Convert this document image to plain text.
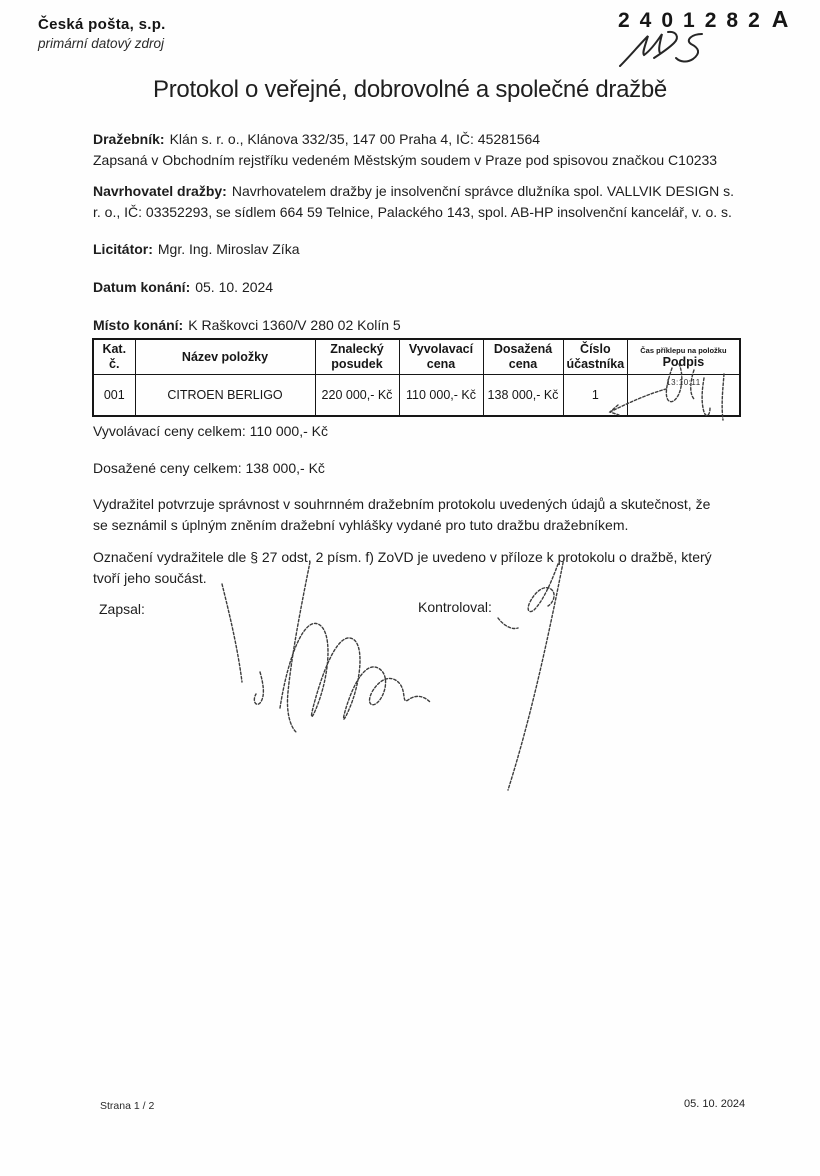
Česká pošta, s.p.
primární datový zdroj
2401282A
Protokol o veřejné, dobrovolné a společné dražbě
Dražebník: Klán s. r. o., Klánova 332/35, 147 00 Praha 4, IČ: 45281564
Zapsaná v Obchodním rejstříku vedeném Městským soudem v Praze pod spisovou značkou C10233
Navrhovatel dražby: Navrhovatelem dražby je insolvenční správce dlužníka spol. VALLVIK DESIGN s.
r. o., IČ: 03352293, se sídlem 664 59 Telnice, Palackého 143, spol. AB-HP insolvenční kancelář, v. o. s.
Licitátor: Mgr. Ing. Miroslav Zíka
Datum konání: 05. 10. 2024
Místo konání: K Raškovci 1360/V 280 02 Kolín 5
Kat. č.	Název položky	Znalecký posudek	Vyvolavací cena	Dosažená cena	Číslo účastníka	Čas příklepu na položku
Podpis

001	CITROEN BERLIGO	220 000,- Kč	110 000,- Kč	138 000,- Kč	1	13:10:11
Vyvolávací ceny celkem: 110 000,- Kč
Dosažené ceny celkem: 138 000,- Kč
Vydražitel potvrzuje správnost v souhrnném dražebním protokolu uvedených údajů a skutečnost, že
se seznámil s úplným zněním dražební vyhlášky vydané pro tuto dražbu dražebníkem.
Označení vydražitele dle § 27 odst. 2 písm. f) ZoVD je uvedeno v příloze k protokolu o dražbě, který
tvoří jeho součást.
Zapsal:	Kontroloval:
Strana 1 / 2	05. 10. 2024
